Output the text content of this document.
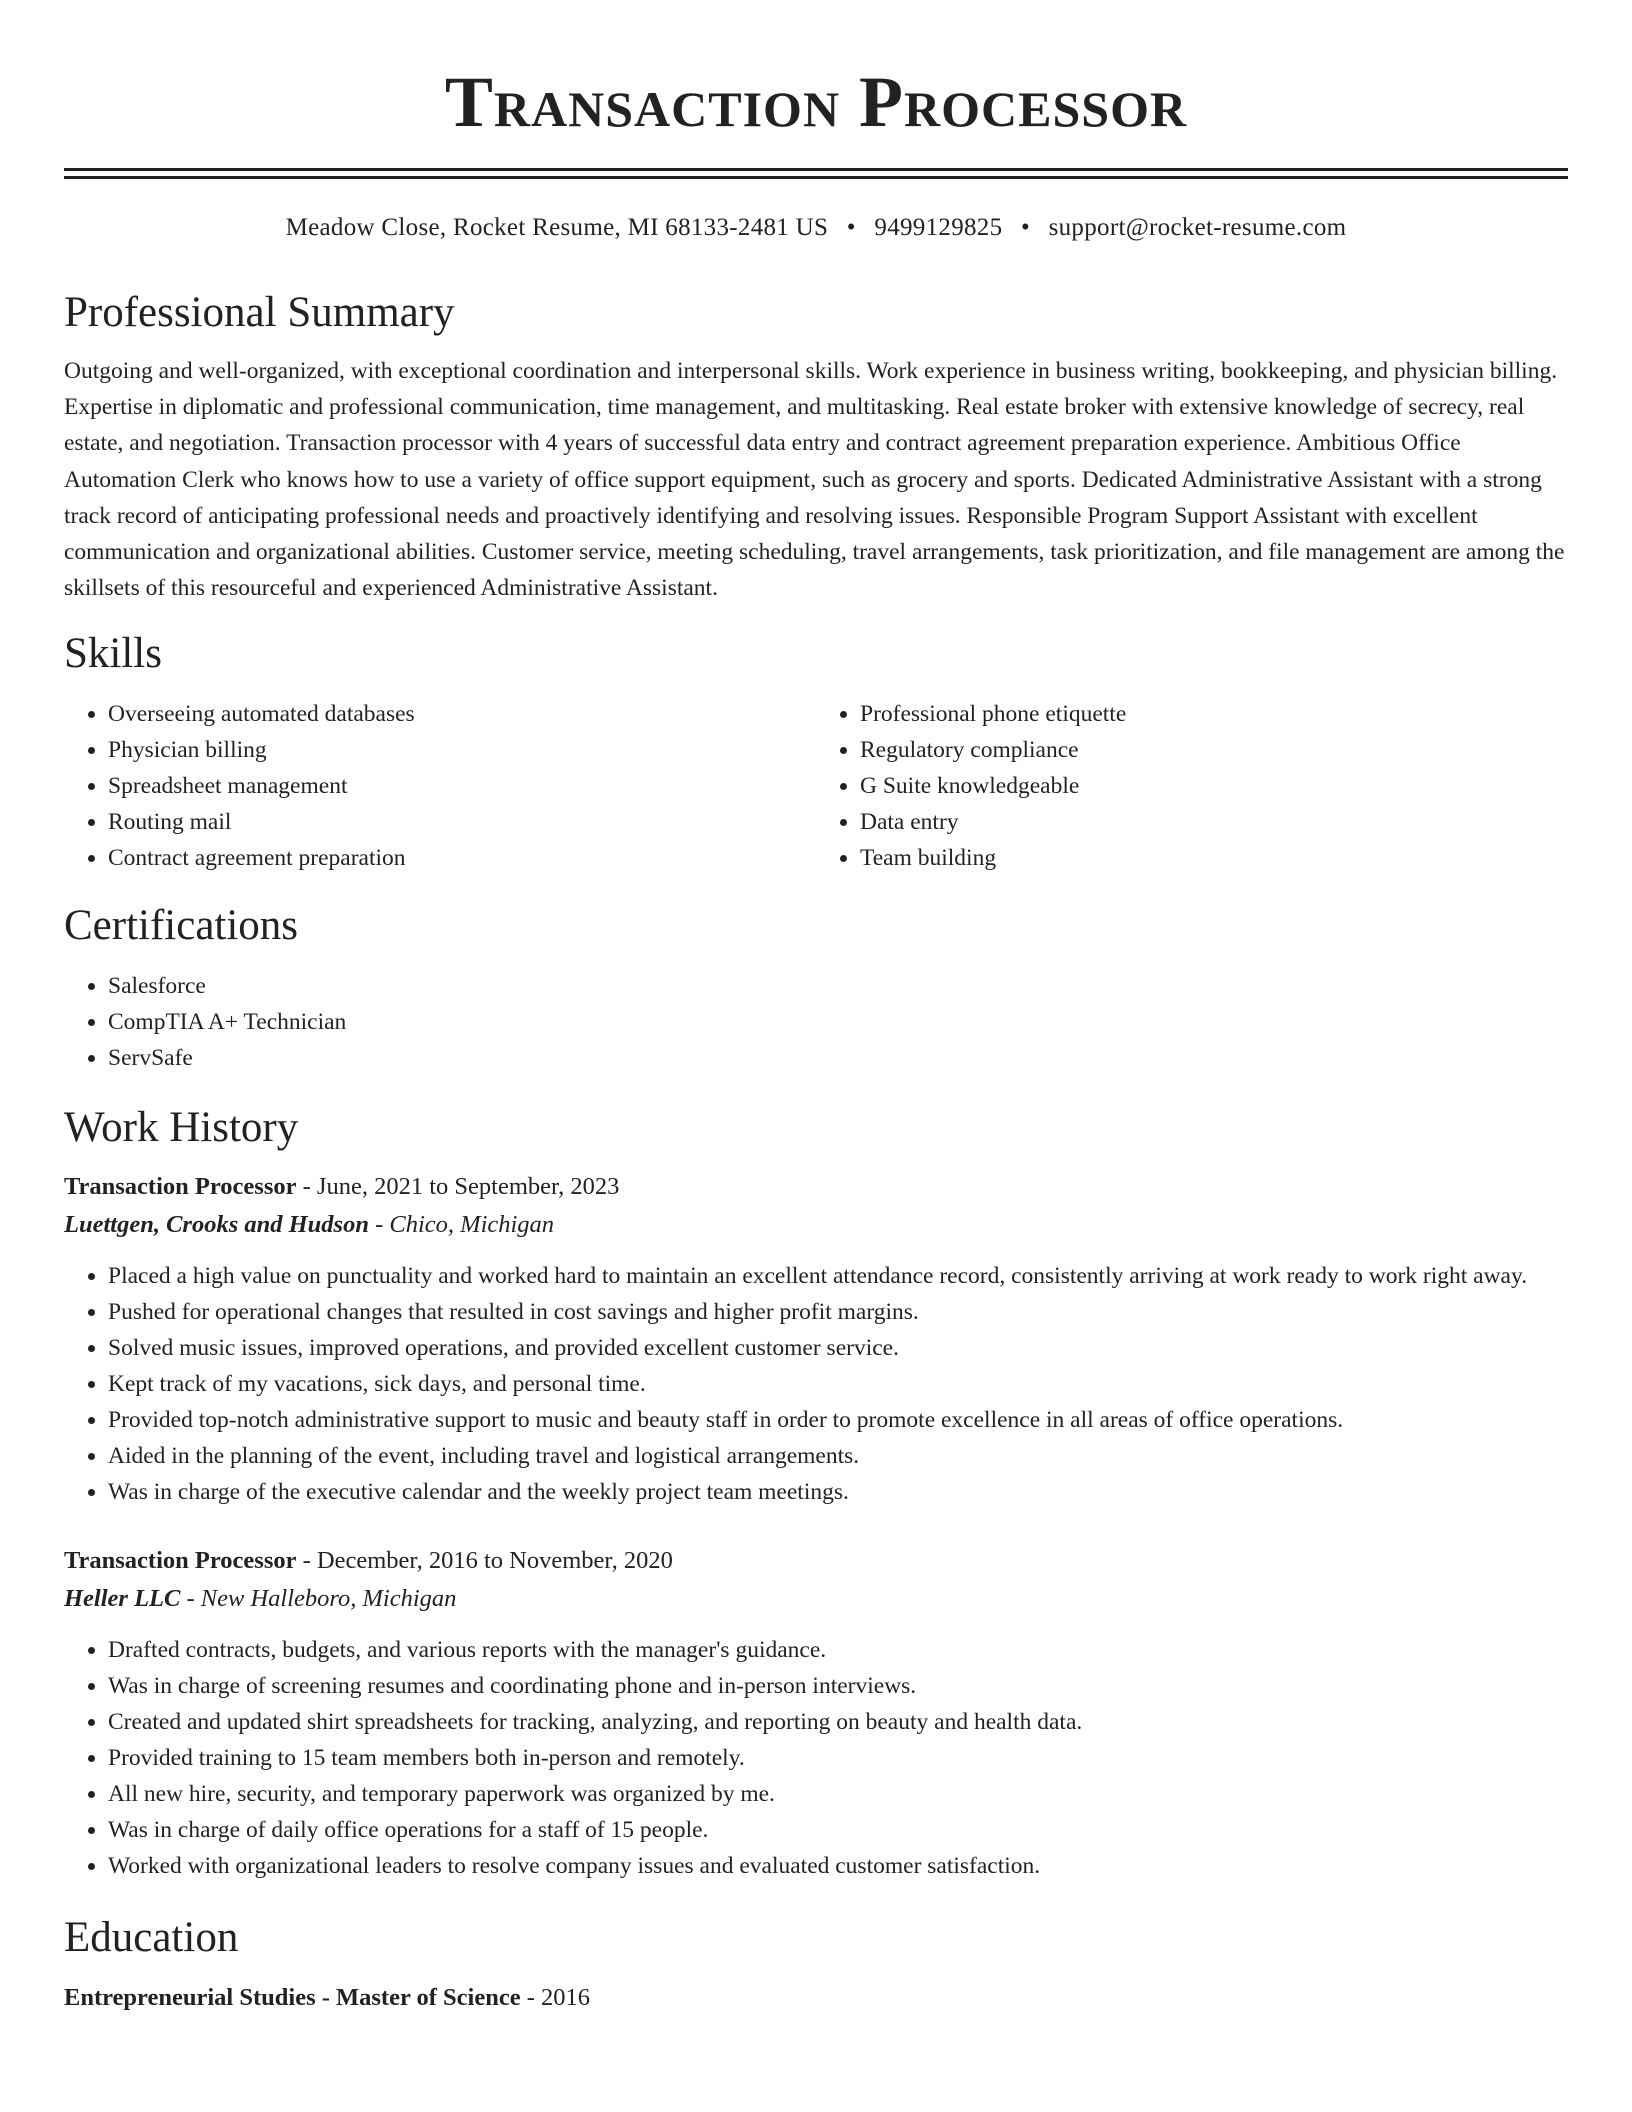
Transaction Processor
Meadow Close, Rocket Resume, MI 68133-2481 US • 9499129825 • support@rocket-resume.com
Professional Summary
Outgoing and well-organized, with exceptional coordination and interpersonal skills. Work experience in business writing, bookkeeping, and physician billing. Expertise in diplomatic and professional communication, time management, and multitasking. Real estate broker with extensive knowledge of secrecy, real estate, and negotiation. Transaction processor with 4 years of successful data entry and contract agreement preparation experience. Ambitious Office Automation Clerk who knows how to use a variety of office support equipment, such as grocery and sports. Dedicated Administrative Assistant with a strong track record of anticipating professional needs and proactively identifying and resolving issues. Responsible Program Support Assistant with excellent communication and organizational abilities. Customer service, meeting scheduling, travel arrangements, task prioritization, and file management are among the skillsets of this resourceful and experienced Administrative Assistant.
Skills
• Overseeing automated databases
• Physician billing
• Spreadsheet management
• Routing mail
• Contract agreement preparation
• Professional phone etiquette
• Regulatory compliance
• G Suite knowledgeable
• Data entry
• Team building
Certifications
• Salesforce
• CompTIA A+ Technician
• ServSafe
Work History
Transaction Processor - June, 2021 to September, 2023
Luettgen, Crooks and Hudson - Chico, Michigan
• Placed a high value on punctuality and worked hard to maintain an excellent attendance record, consistently arriving at work ready to work right away.
• Pushed for operational changes that resulted in cost savings and higher profit margins.
• Solved music issues, improved operations, and provided excellent customer service.
• Kept track of my vacations, sick days, and personal time.
• Provided top-notch administrative support to music and beauty staff in order to promote excellence in all areas of office operations.
• Aided in the planning of the event, including travel and logistical arrangements.
• Was in charge of the executive calendar and the weekly project team meetings.
Transaction Processor - December, 2016 to November, 2020
Heller LLC - New Halleboro, Michigan
• Drafted contracts, budgets, and various reports with the manager's guidance.
• Was in charge of screening resumes and coordinating phone and in-person interviews.
• Created and updated shirt spreadsheets for tracking, analyzing, and reporting on beauty and health data.
• Provided training to 15 team members both in-person and remotely.
• All new hire, security, and temporary paperwork was organized by me.
• Was in charge of daily office operations for a staff of 15 people.
• Worked with organizational leaders to resolve company issues and evaluated customer satisfaction.
Education
Entrepreneurial Studies - Master of Science - 2016
